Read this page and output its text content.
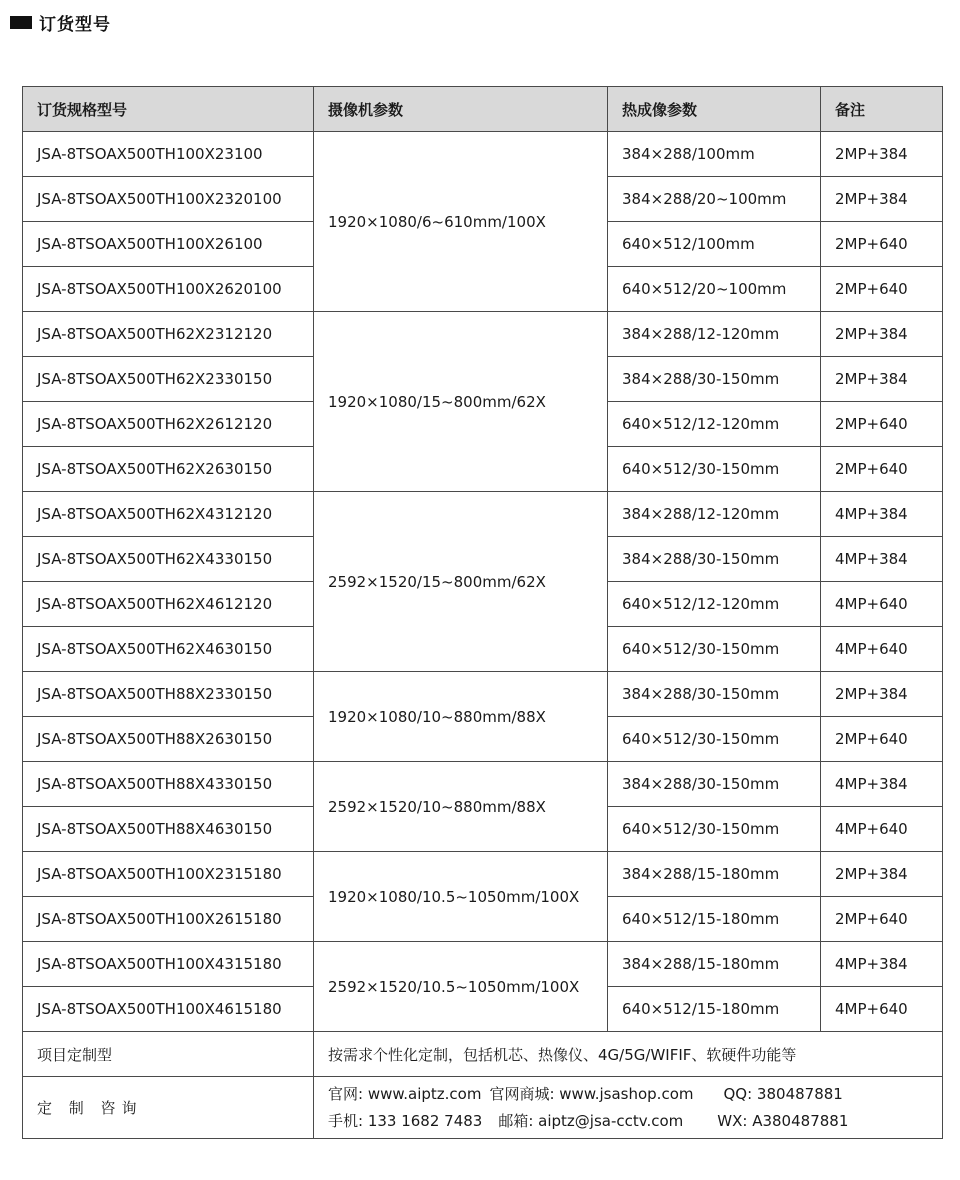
订货型号
订货规格型号	摄像机参数	热成像参数	备注
JSA-8TSOAX500TH100X23100	1920×1080/6~610mm/100X	384×288/100mm	2MP+384
JSA-8TSOAX500TH100X2320100		384×288/20~100mm	2MP+384
JSA-8TSOAX500TH100X26100		640×512/100mm	2MP+640
JSA-8TSOAX500TH100X2620100		640×512/20~100mm	2MP+640
JSA-8TSOAX500TH62X2312120	1920×1080/15~800mm/62X	384×288/12-120mm	2MP+384
JSA-8TSOAX500TH62X2330150		384×288/30-150mm	2MP+384
JSA-8TSOAX500TH62X2612120		640×512/12-120mm	2MP+640
JSA-8TSOAX500TH62X2630150		640×512/30-150mm	2MP+640
JSA-8TSOAX500TH62X4312120	2592×1520/15~800mm/62X	384×288/12-120mm	4MP+384
JSA-8TSOAX500TH62X4330150		384×288/30-150mm	4MP+384
JSA-8TSOAX500TH62X4612120		640×512/12-120mm	4MP+640
JSA-8TSOAX500TH62X4630150		640×512/30-150mm	4MP+640
JSA-8TSOAX500TH88X2330150	1920×1080/10~880mm/88X	384×288/30-150mm	2MP+384
JSA-8TSOAX500TH88X2630150		640×512/30-150mm	2MP+640
JSA-8TSOAX500TH88X4330150	2592×1520/10~880mm/88X	384×288/30-150mm	4MP+384
JSA-8TSOAX500TH88X4630150		640×512/30-150mm	4MP+640
JSA-8TSOAX500TH100X2315180	1920×1080/10.5~1050mm/100X	384×288/15-180mm	2MP+384
JSA-8TSOAX500TH100X2615180		640×512/15-180mm	2MP+640
JSA-8TSOAX500TH100X4315180	2592×1520/10.5~1050mm/100X	384×288/15-180mm	4MP+384
JSA-8TSOAX500TH100X4615180		640×512/15-180mm	4MP+640
项目定制型	按需求个性化定制，包括机芯、热像仪、4G/5G/WIFIF、软硬件功能等		
定 制 咨询	官网: www.aiptz.com 官网商城: www.jsashop.com QQ: 380487881
手机: 133 1682 7483 邮箱: aiptz@jsa-cctv.com WX: A380487881		
